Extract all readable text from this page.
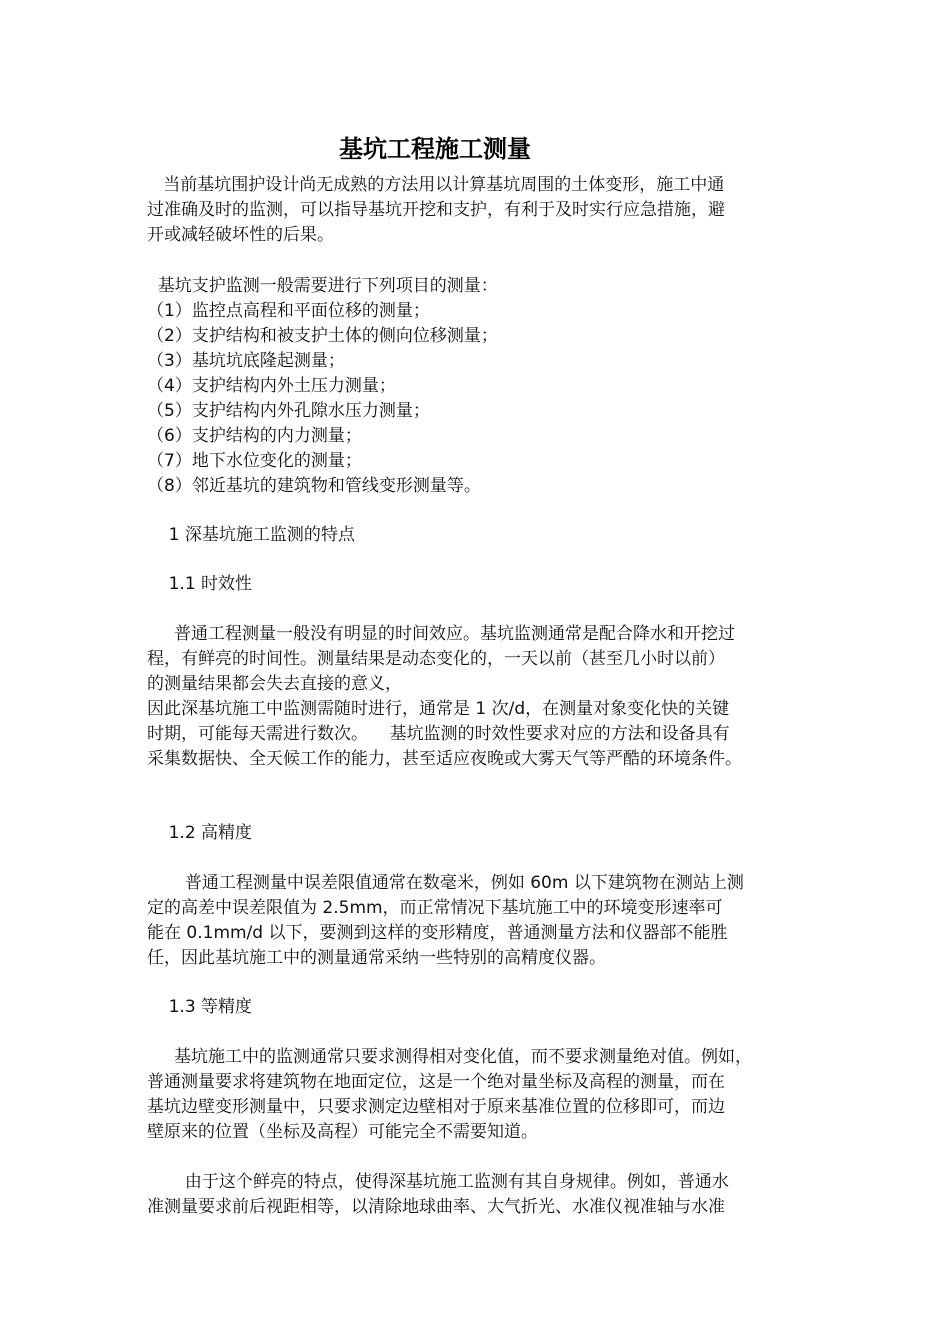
基坑工程施工测量
当前基坑围护设计尚无成熟的方法用以计算基坑周围的土体变形，施工中通
过准确及时的监测，可以指导基坑开挖和支护，有利于及时实行应急措施，避
开或减轻破坏性的后果。
基坑支护监测一般需要进行下列项目的测量：
（1）监控点高程和平面位移的测量；
（2）支护结构和被支护土体的侧向位移测量；
（3）基坑坑底隆起测量；
（4）支护结构内外土压力测量；
（5）支护结构内外孔隙水压力测量；
（6）支护结构的内力测量；
（7）地下水位变化的测量；
（8）邻近基坑的建筑物和管线变形测量等。
1 深基坑施工监测的特点
1.1 时效性
普通工程测量一般没有明显的时间效应。基坑监测通常是配合降水和开挖过
程，有鲜亮的时间性。测量结果是动态变化的，一天以前（甚至几小时以前）
的测量结果都会失去直接的意义，
因此深基坑施工中监测需随时进行，通常是 1 次/d，在测量对象变化快的关键
时期，可能每天需进行数次。    基坑监测的时效性要求对应的方法和设备具有
采集数据快、全天候工作的能力，甚至适应夜晚或大雾天气等严酷的环境条件。
1.2 高精度
普通工程测量中误差限值通常在数毫米，例如 60m 以下建筑物在测站上测
定的高差中误差限值为 2.5mm，而正常情况下基坑施工中的环境变形速率可
能在 0.1mm/d 以下，要测到这样的变形精度，普通测量方法和仪器部不能胜
任，因此基坑施工中的测量通常采纳一些特别的高精度仪器。
1.3 等精度
基坑施工中的监测通常只要求测得相对变化值，而不要求测量绝对值。例如，
普通测量要求将建筑物在地面定位，这是一个绝对量坐标及高程的测量，而在
基坑边壁变形测量中，只要求测定边壁相对于原来基准位置的位移即可，而边
壁原来的位置（坐标及高程）可能完全不需要知道。
由于这个鲜亮的特点，使得深基坑施工监测有其自身规律。例如，普通水
准测量要求前后视距相等，以清除地球曲率、大气折光、水准仪视准轴与水准
